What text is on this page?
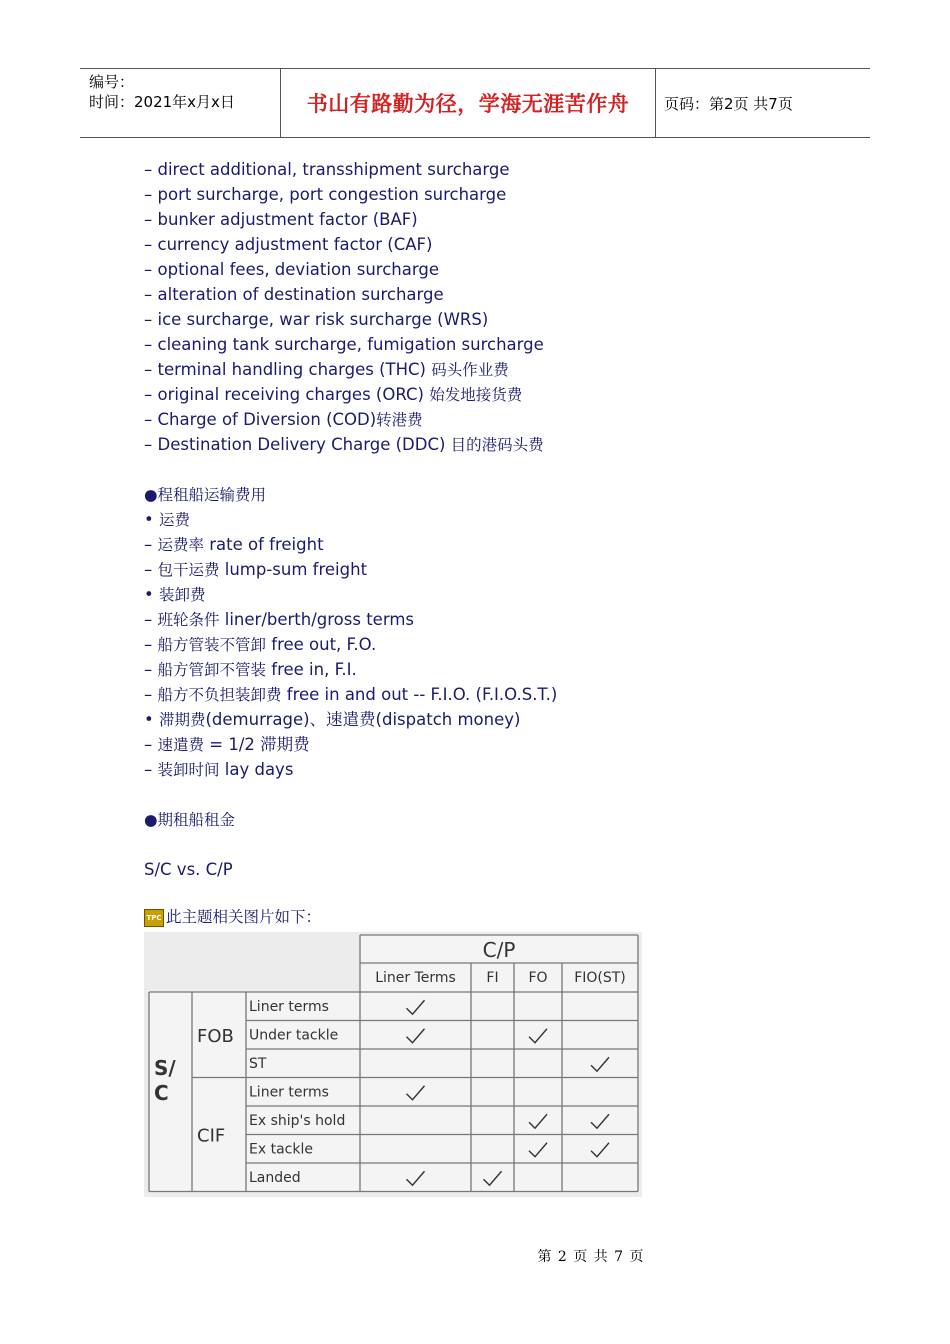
编号：
时间：2021年x月x日	书山有路勤为径，学海无涯苦作舟 页码：第2页 共7页
– direct additional, transshipment surcharge
– port surcharge, port congestion surcharge
– bunker adjustment factor (BAF)
– currency adjustment factor (CAF)
– optional fees, deviation surcharge
– alteration of destination surcharge
– ice surcharge, war risk surcharge (WRS)
– cleaning tank surcharge, fumigation surcharge
– terminal handling charges (THC) 码头作业费
– original receiving charges (ORC) 始发地接货费
– Charge of Diversion (COD)转港费
– Destination Delivery Charge (DDC) 目的港码头费
●程租船运输费用
• 运费
– 运费率 rate of freight
– 包干运费 lump-sum freight
• 装卸费
– 班轮条件 liner/berth/gross terms
– 船方管装不管卸 free out, F.O.
– 船方管卸不管装 free in, F.I.
– 船方不负担装卸费 free in and out -- F.I.O. (F.I.O.S.T.)
• 滞期费(demurrage)、速遣费(dispatch money)
– 速遣费 = 1/2 滞期费
– 装卸时间 lay days
●期租船租金
S/C vs. C/P
TPC 此主题相关图片如下：
C/P
Liner Terms FI FO FIO(ST)
S/
C
FOB
Liner terms
Under tackle
ST
CIF
Liner terms
Ex ship's hold
Ex tackle
Landed
第 2 页 共 7 页
